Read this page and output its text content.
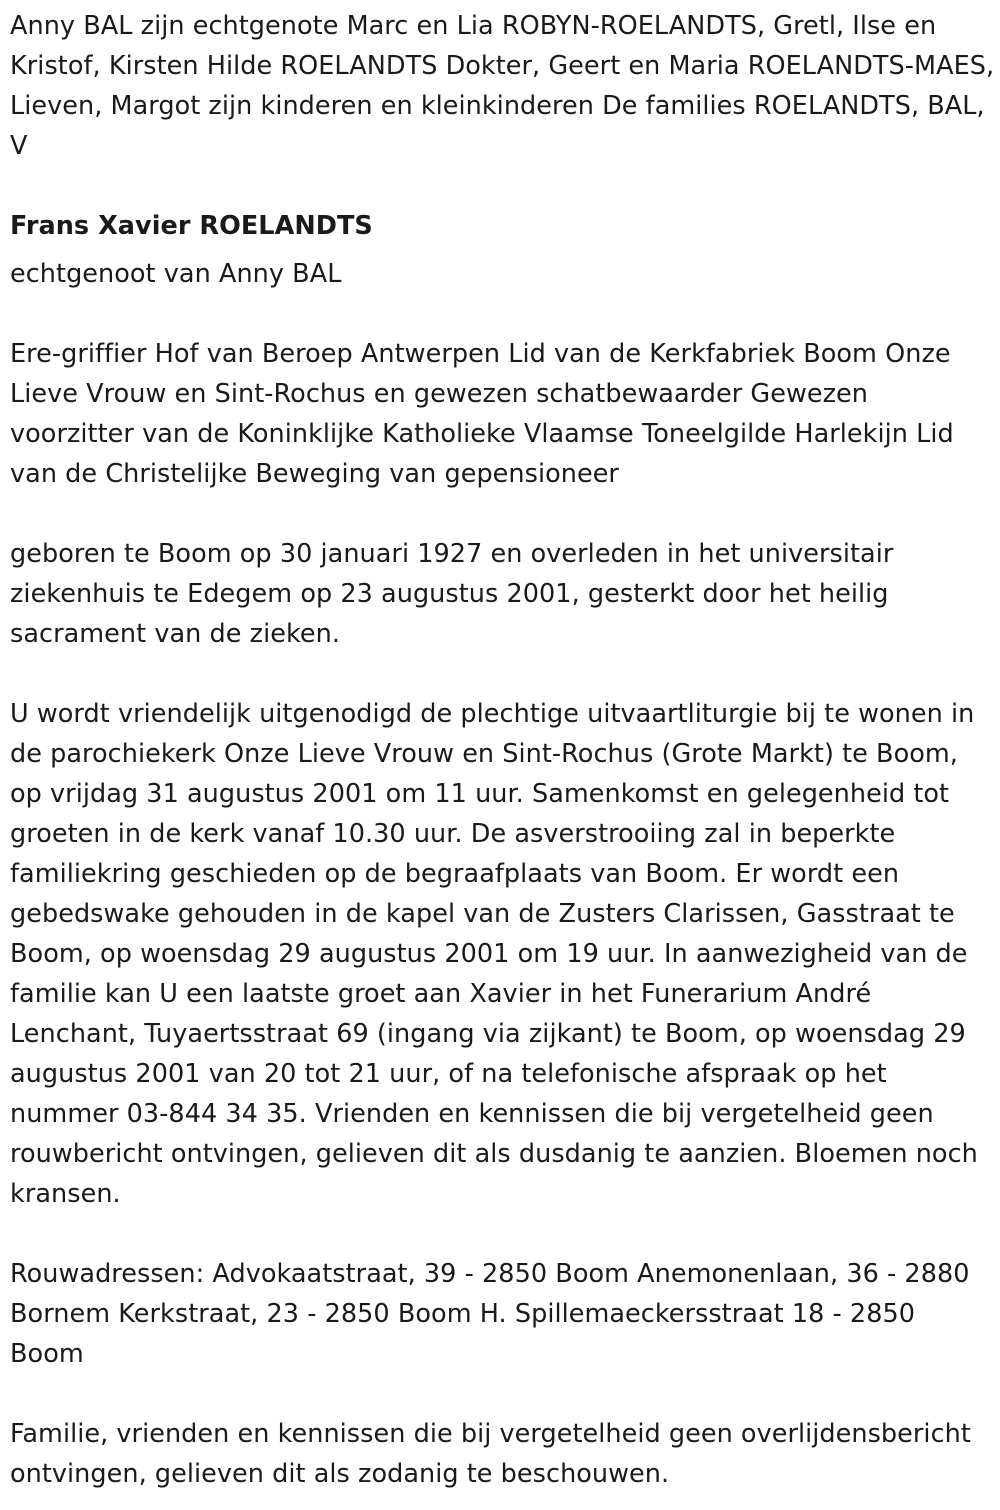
Anny BAL zijn echtgenote Marc en Lia ROBYN-ROELANDTS, Gretl, Ilse en Kristof, Kirsten Hilde ROELANDTS Dokter, Geert en Maria ROELANDTS-MAES, Lieven, Margot zijn kinderen en kleinkinderen De families ROELANDTS, BAL, V

Frans Xavier ROELANDTS

echtgenoot van Anny BAL

Ere-griffier Hof van Beroep Antwerpen Lid van de Kerkfabriek Boom Onze Lieve Vrouw en Sint-Rochus en gewezen schatbewaarder Gewezen voorzitter van de Koninklijke Katholieke Vlaamse Toneelgilde Harlekijn Lid van de Christelijke Beweging van gepensioneer

geboren te Boom op 30 januari 1927 en overleden in het universitair ziekenhuis te Edegem op 23 augustus 2001, gesterkt door het heilig sacrament van de zieken.

U wordt vriendelijk uitgenodigd de plechtige uitvaartliturgie bij te wonen in de parochiekerk Onze Lieve Vrouw en Sint-Rochus (Grote Markt) te Boom, op vrijdag 31 augustus 2001 om 11 uur. Samenkomst en gelegenheid tot groeten in de kerk vanaf 10.30 uur. De asverstrooiing zal in beperkte familiekring geschieden op de begraafplaats van Boom. Er wordt een gebedswake gehouden in de kapel van de Zusters Clarissen, Gasstraat te Boom, op woensdag 29 augustus 2001 om 19 uur. In aanwezigheid van de familie kan U een laatste groet aan Xavier in het Funerarium André Lenchant, Tuyaertsstraat 69 (ingang via zijkant) te Boom, op woensdag 29 augustus 2001 van 20 tot 21 uur, of na telefonische afspraak op het nummer 03-844 34 35. Vrienden en kennissen die bij vergetelheid geen rouwbericht ontvingen, gelieven dit als dusdanig te aanzien. Bloemen noch kransen.

Rouwadressen: Advokaatstraat, 39 - 2850 Boom Anemonenlaan, 36 - 2880 Bornem Kerkstraat, 23 - 2850 Boom H. Spillemaeckersstraat 18 - 2850 Boom

Familie, vrienden en kennissen die bij vergetelheid geen overlijdensbericht ontvingen, gelieven dit als zodanig te beschouwen.
